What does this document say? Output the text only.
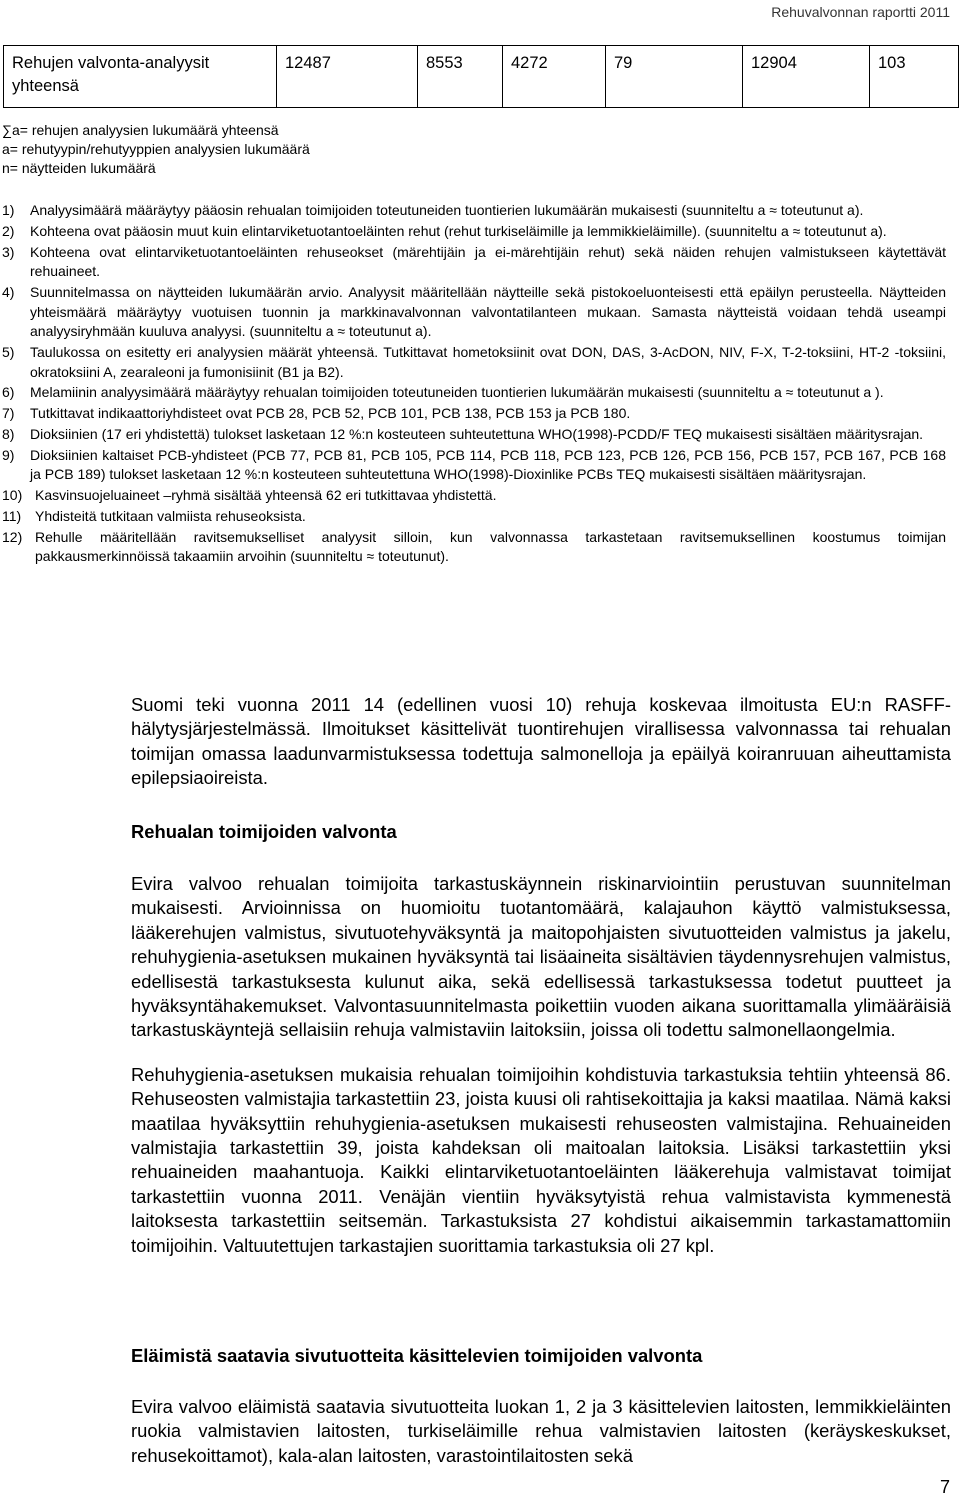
Rehuvalvonnan raportti 2011
Rehujen valvonta-analyysit yhteensä	12487	8553	4272	79	12904	103
∑a= rehujen analyysien lukumäärä yhteensä
a= rehutyypin/rehutyyppien analyysien lukumäärä
n= näytteiden lukumäärä
1) Analyysimäärä määräytyy pääosin rehualan toimijoiden toteutuneiden tuontierien lukumäärän mukaisesti (suunniteltu a ≈ toteutunut a).
2) Kohteena ovat pääosin muut kuin elintarviketuotantoeläinten rehut (rehut turkiseläimille ja lemmikkieläimille). (suunniteltu a ≈ toteutunut a).
3) Kohteena ovat elintarviketuotantoeläinten rehuseokset (märehtijäin ja ei-märehtijäin rehut) sekä näiden rehujen valmistukseen käytettävät rehuaineet.
4) Suunnitelmassa on näytteiden lukumäärän arvio. Analyysit määritellään näytteille sekä pistokoeluonteisesti että epäilyn perusteella. Näytteiden yhteismäärä määräytyy vuotuisen tuonnin ja markkinavalvonnan valvontatilanteen mukaan. Samasta näytteistä voidaan tehdä useampi analyysiryhmään kuuluva analyysi. (suunniteltu a ≈ toteutunut a).
5) Taulukossa on esitetty eri analyysien määrät yhteensä. Tutkittavat hometoksiinit ovat DON, DAS, 3-AcDON, NIV, F-X, T-2-toksiini, HT-2 -toksiini, okratoksiini A, zearaleoni ja fumonisiinit (B1 ja B2).
6) Melamiinin analyysimäärä määräytyy rehualan toimijoiden toteutuneiden tuontierien lukumäärän mukaisesti (suunniteltu a ≈ toteutunut a ).
7) Tutkittavat indikaattoriyhdisteet ovat PCB 28, PCB 52, PCB 101, PCB 138, PCB 153 ja PCB 180.
8) Dioksiinien (17 eri yhdistettä) tulokset lasketaan 12 %:n kosteuteen suhteutettuna WHO(1998)-PCDD/F TEQ mukaisesti sisältäen määritysrajan.
9) Dioksiinien kaltaiset PCB-yhdisteet (PCB 77, PCB 81, PCB 105, PCB 114, PCB 118, PCB 123, PCB 126, PCB 156, PCB 157, PCB 167, PCB 168 ja PCB 189) tulokset lasketaan 12 %:n kosteuteen suhteutettuna WHO(1998)-Dioxinlike PCBs TEQ mukaisesti sisältäen määritysrajan.
10) Kasvinsuojeluaineet –ryhmä sisältää yhteensä 62 eri tutkittavaa yhdistettä.
11) Yhdisteitä tutkitaan valmiista rehuseoksista.
12) Rehulle määritellään ravitsemukselliset analyysit silloin, kun valvonnassa tarkastetaan ravitsemuksellinen koostumus toimijan pakkausmerkinnöissä takaamiin arvoihin (suunniteltu ≈ toteutunut).

Suomi teki vuonna 2011 14 (edellinen vuosi 10) rehuja koskevaa ilmoitusta EU:n RASFF-hälytysjärjestelmässä. Ilmoitukset käsittelivät tuontirehujen virallisessa valvonnassa tai rehualan toimijan omassa laadunvarmistuksessa todettuja salmonelloja ja epäilyä koiranruuan aiheuttamista epilepsiaoireista.

Rehualan toimijoiden valvonta

Evira valvoo rehualan toimijoita tarkastuskäynnein riskinarviointiin perustuvan suunnitelman mukaisesti. Arvioinnissa on huomioitu tuotantomäärä, kalajauhon käyttö valmistuksessa, lääkerehujen valmistus, sivutuotehyväksyntä ja maitopohjaisten sivutuotteiden valmistus ja jakelu, rehuhygienia-asetuksen mukainen hyväksyntä tai lisäaineita sisältävien täydennysrehujen valmistus, edellisestä tarkastuksesta kulunut aika, sekä edellisessä tarkastuksessa todetut puutteet ja hyväksyntähakemukset. Valvontasuunnitelmasta poikettiin vuoden aikana suorittamalla ylimääräisiä tarkastuskäyntejä sellaisiin rehuja valmistaviin laitoksiin, joissa oli todettu salmonellaongelmia.

Rehuhygienia-asetuksen mukaisia rehualan toimijoihin kohdistuvia tarkastuksia tehtiin yhteensä 86. Rehuseosten valmistajia tarkastettiin 23, joista kuusi oli rahtisekoittajia ja kaksi maatilaa. Nämä kaksi maatilaa hyväksyttiin rehuhygienia-asetuksen mukaisesti rehuseosten valmistajina. Rehuaineiden valmistajia tarkastettiin 39, joista kahdeksan oli maitoalan laitoksia. Lisäksi tarkastettiin yksi rehuaineiden maahantuoja. Kaikki elintarviketuotantoeläinten lääkerehuja valmistavat toimijat tarkastettiin vuonna 2011. Venäjän vientiin hyväksytyistä rehua valmistavista kymmenestä laitoksesta tarkastettiin seitsemän. Tarkastuksista 27 kohdistui aikaisemmin tarkastamattomiin toimijoihin. Valtuutettujen tarkastajien suorittamia tarkastuksia oli 27 kpl.

Eläimistä saatavia sivutuotteita käsittelevien toimijoiden valvonta

Evira valvoo eläimistä saatavia sivutuotteita luokan 1, 2 ja 3 käsittelevien laitosten, lemmikkieläinten ruokia valmistavien laitosten, turkiseläimille rehua valmistavien laitosten (keräyskeskukset, rehusekoittamot), kala-alan laitosten, varastointilaitosten sekä

7
